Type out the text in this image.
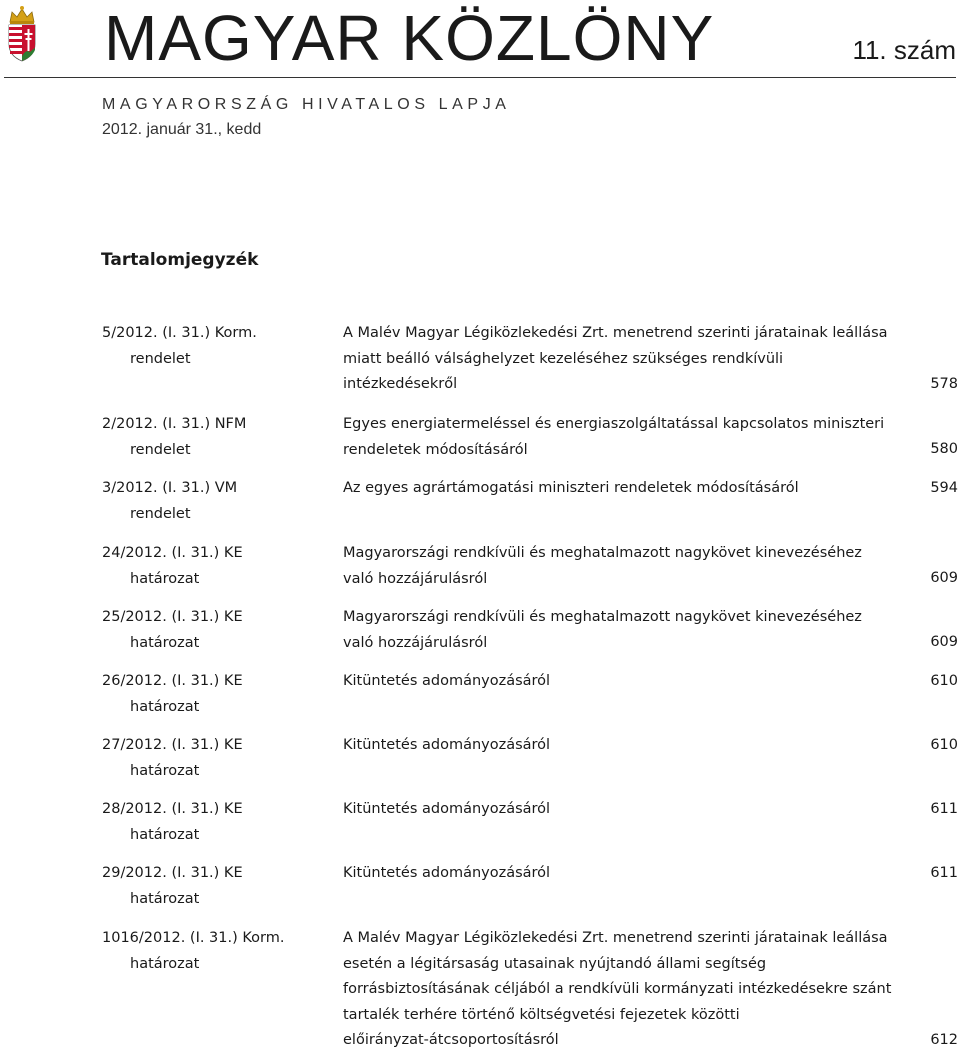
MAGYAR KÖZLÖNY	11. szám
MAGYARORSZÁG HIVATALOS LAPJA
2012. január 31., kedd
Tartalomjegyzék
5/2012. (I. 31.) Korm.
rendelet
A Malév Magyar Légiközlekedési Zrt. menetrend szerinti járatainak leállása
miatt beálló válsághelyzet kezeléséhez szükséges rendkívüli
intézkedésekről	578
2/2012. (I. 31.) NFM
rendelet
Egyes energiatermeléssel és energiaszolgáltatással kapcsolatos miniszteri
rendeletek módosításáról	580
3/2012. (I. 31.) VM
rendelet
Az egyes agrártámogatási miniszteri rendeletek módosításáról	594
24/2012. (I. 31.) KE
határozat
Magyarországi rendkívüli és meghatalmazott nagykövet kinevezéséhez
való hozzájárulásról	609
25/2012. (I. 31.) KE
határozat
Magyarországi rendkívüli és meghatalmazott nagykövet kinevezéséhez
való hozzájárulásról	609
26/2012. (I. 31.) KE
határozat
Kitüntetés adományozásáról	610
27/2012. (I. 31.) KE
határozat
Kitüntetés adományozásáról	610
28/2012. (I. 31.) KE
határozat
Kitüntetés adományozásáról	611
29/2012. (I. 31.) KE
határozat
Kitüntetés adományozásáról	611
1016/2012. (I. 31.) Korm.
határozat
A Malév Magyar Légiközlekedési Zrt. menetrend szerinti járatainak leállása
esetén a légitársaság utasainak nyújtandó állami segítség
forrásbiztosításának céljából a rendkívüli kormányzati intézkedésekre szánt
tartalék terhére történő költségvetési fejezetek közötti
előirányzat-átcsoportosításról	612
